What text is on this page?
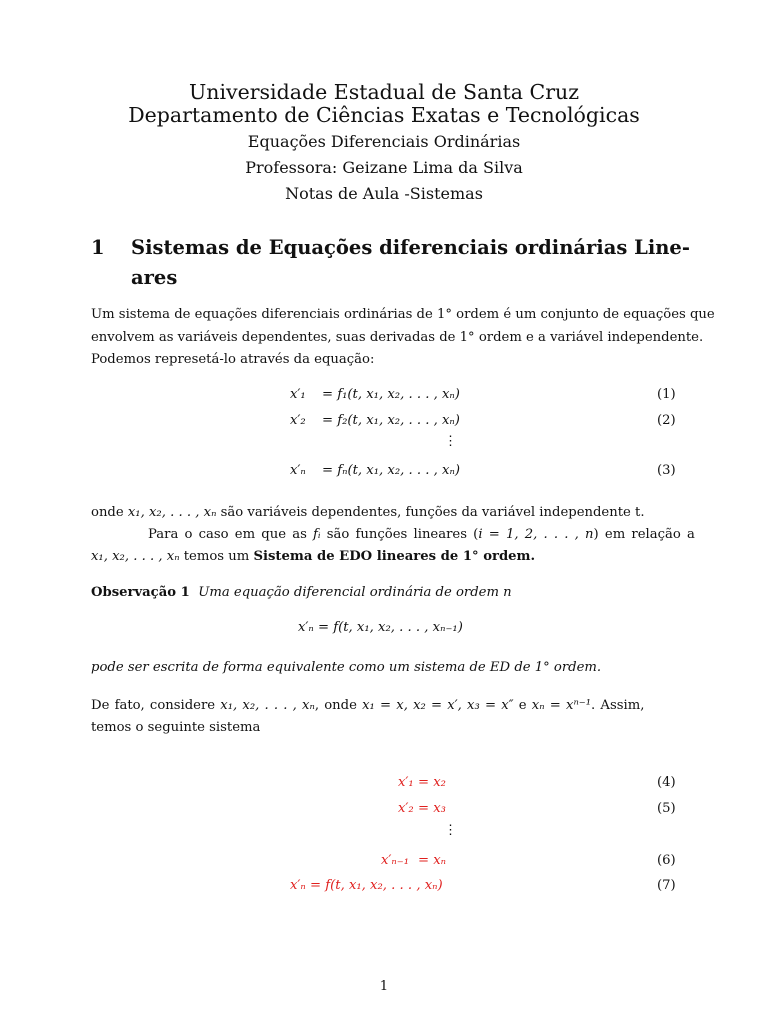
Universidade Estadual de Santa Cruz
Departamento de Ciências Exatas e Tecnológicas
Equações Diferenciais Ordinárias
Professora: Geizane Lima da Silva
Notas de Aula -Sistemas
1 Sistemas de Equações diferenciais ordinárias Line-
ares
Um sistema de equações diferenciais ordinárias de 1° ordem é um conjunto de equações que
envolvem as variáveis dependentes, suas derivadas de 1° ordem e a variável independente.
Podemos represetá-lo através da equação:
x′₁ = f₁(t, x₁, x₂, . . . , xₙ)	(1)
x′₂ = f₂(t, x₁, x₂, . . . , xₙ)	(2)
⋮
x′ₙ = fₙ(t, x₁, x₂, . . . , xₙ)	(3)
onde x₁, x₂, . . . , xₙ são variáveis dependentes, funções da variável independente t.
Para o caso em que as fᵢ são funções lineares (i = 1, 2, . . . , n) em relação a
x₁, x₂, . . . , xₙ temos um Sistema de EDO lineares de 1° ordem.
Observação 1 Uma equação diferencial ordinária de ordem n
x′ₙ = f(t, x₁, x₂, . . . , xₙ₋₁)
pode ser escrita de forma equivalente como um sistema de ED de 1° ordem.
De fato, considere x₁, x₂, . . . , xₙ, onde x₁ = x, x₂ = x′, x₃ = x″ e xₙ = xⁿ⁻¹. Assim,
temos o seguinte sistema
x′₁ = x₂	(4)
x′₂ = x₃	(5)
⋮
x′ₙ₋₁ = xₙ	(6)
x′ₙ = f(t, x₁, x₂, . . . , xₙ)	(7)
1
